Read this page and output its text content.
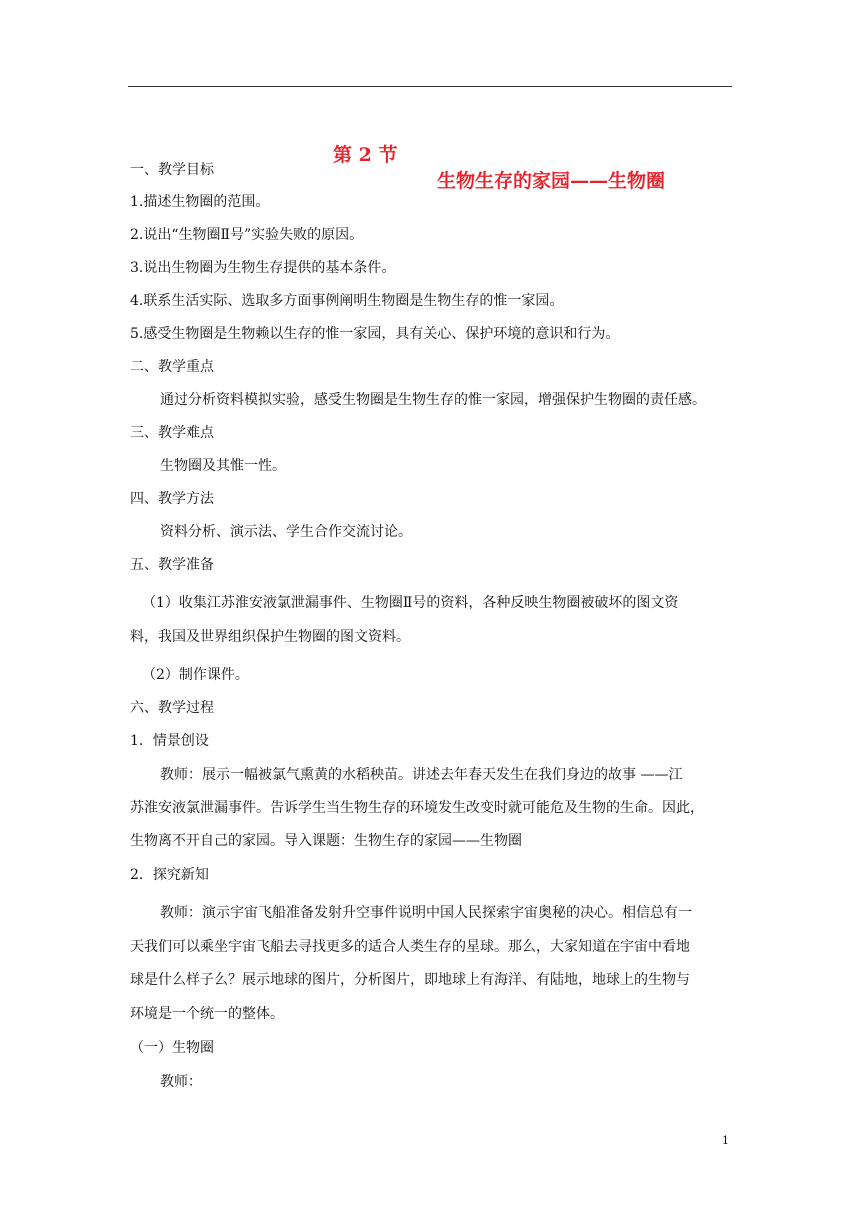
第 2 节

生物生存的家园——生物圈

一、教学目标
1.描述生物圈的范围。
2.说出“生物圈Ⅱ号”实验失败的原因。
3.说出生物圈为生物生存提供的基本条件。
4.联系生活实际、选取多方面事例阐明生物圈是生物生存的惟一家园。
5.感受生物圈是生物赖以生存的惟一家园，具有关心、保护环境的意识和行为。
二、教学重点
通过分析资料模拟实验，感受生物圈是生物生存的惟一家园，增强保护生物圈的责任感。
三、教学难点
生物圈及其惟一性。
四、教学方法
资料分析、演示法、学生合作交流讨论。
五、教学准备
（1）收集江苏淮安液氯泄漏事件、生物圈Ⅱ号的资料，各种反映生物圈被破坏的图文资
料，我国及世界组织保护生物圈的图文资料。
（2）制作课件。
六、教学过程
1．情景创设
教师：展示一幅被氯气熏黄的水稻秧苗。讲述去年春天发生在我们身边的故事 ——江
苏淮安液氯泄漏事件。告诉学生当生物生存的环境发生改变时就可能危及生物的生命。因此，
生物离不开自己的家园。导入课题：生物生存的家园——生物圈
2．探究新知
教师：演示宇宙飞船准备发射升空事件说明中国人民探索宇宙奥秘的决心。相信总有一
天我们可以乘坐宇宙飞船去寻找更多的适合人类生存的星球。那么，大家知道在宇宙中看地
球是什么样子么？展示地球的图片，分析图片，即地球上有海洋、有陆地，地球上的生物与
环境是一个统一的整体。
（一）生物圈
教师：
1
